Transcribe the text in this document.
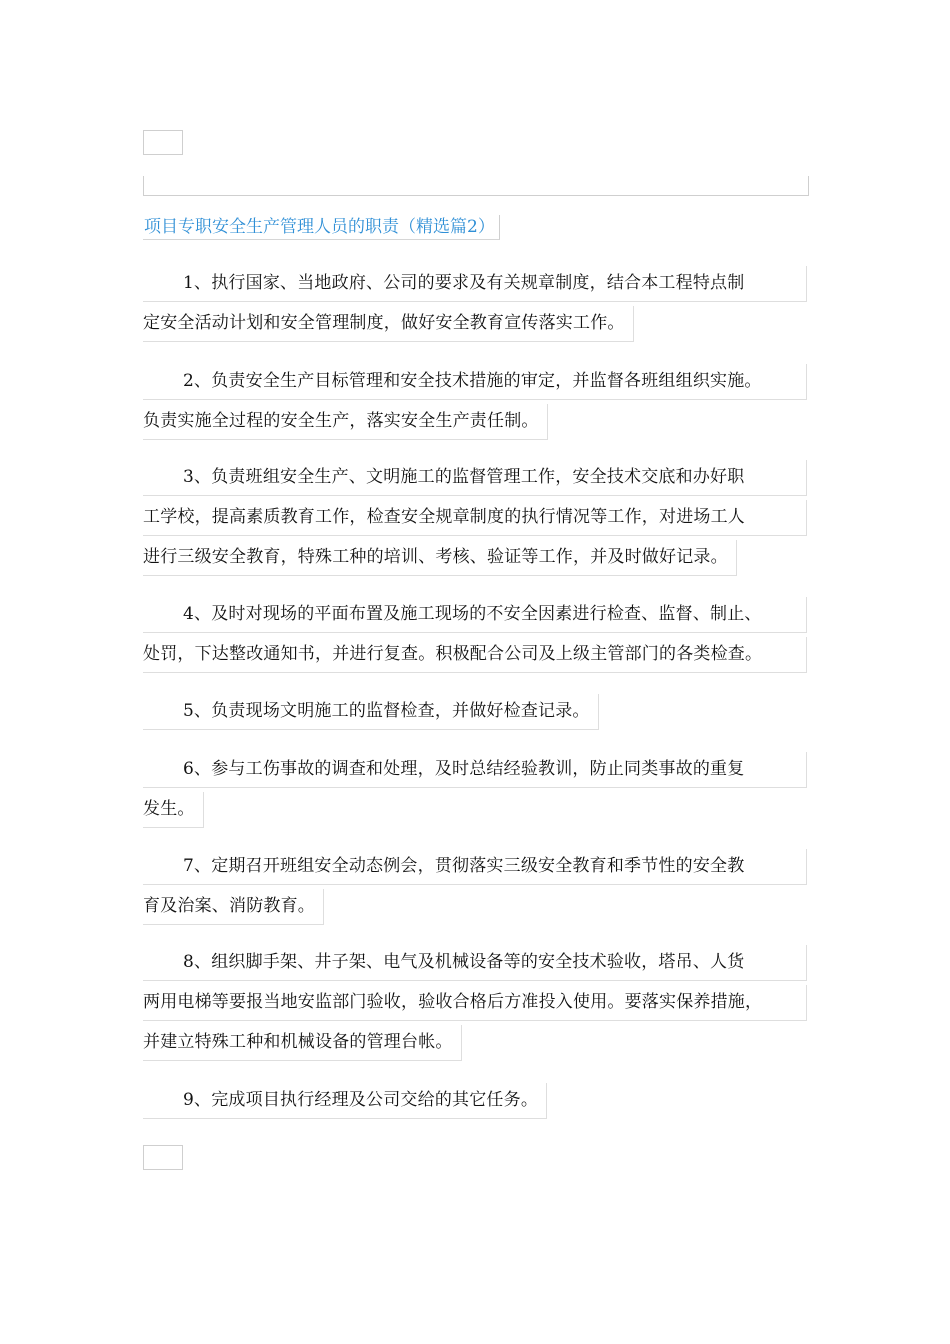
项目专职安全生产管理人员的职责（精选篇2）
1、执行国家、当地政府、公司的要求及有关规章制度，结合本工程特点制
定安全活动计划和安全管理制度，做好安全教育宣传落实工作。
2、负责安全生产目标管理和安全技术措施的审定，并监督各班组组织实施。
负责实施全过程的安全生产，落实安全生产责任制。
3、负责班组安全生产、文明施工的监督管理工作，安全技术交底和办好职
工学校，提高素质教育工作，检查安全规章制度的执行情况等工作，对进场工人
进行三级安全教育，特殊工种的培训、考核、验证等工作，并及时做好记录。
4、及时对现场的平面布置及施工现场的不安全因素进行检查、监督、制止、
处罚，下达整改通知书，并进行复查。积极配合公司及上级主管部门的各类检查。
5、负责现场文明施工的监督检查，并做好检查记录。
6、参与工伤事故的调查和处理，及时总结经验教训，防止同类事故的重复
发生。
7、定期召开班组安全动态例会，贯彻落实三级安全教育和季节性的安全教
育及治案、消防教育。
8、组织脚手架、井子架、电气及机械设备等的安全技术验收，塔吊、人货
两用电梯等要报当地安监部门验收，验收合格后方准投入使用。要落实保养措施，
并建立特殊工种和机械设备的管理台帐。
9、完成项目执行经理及公司交给的其它任务。
